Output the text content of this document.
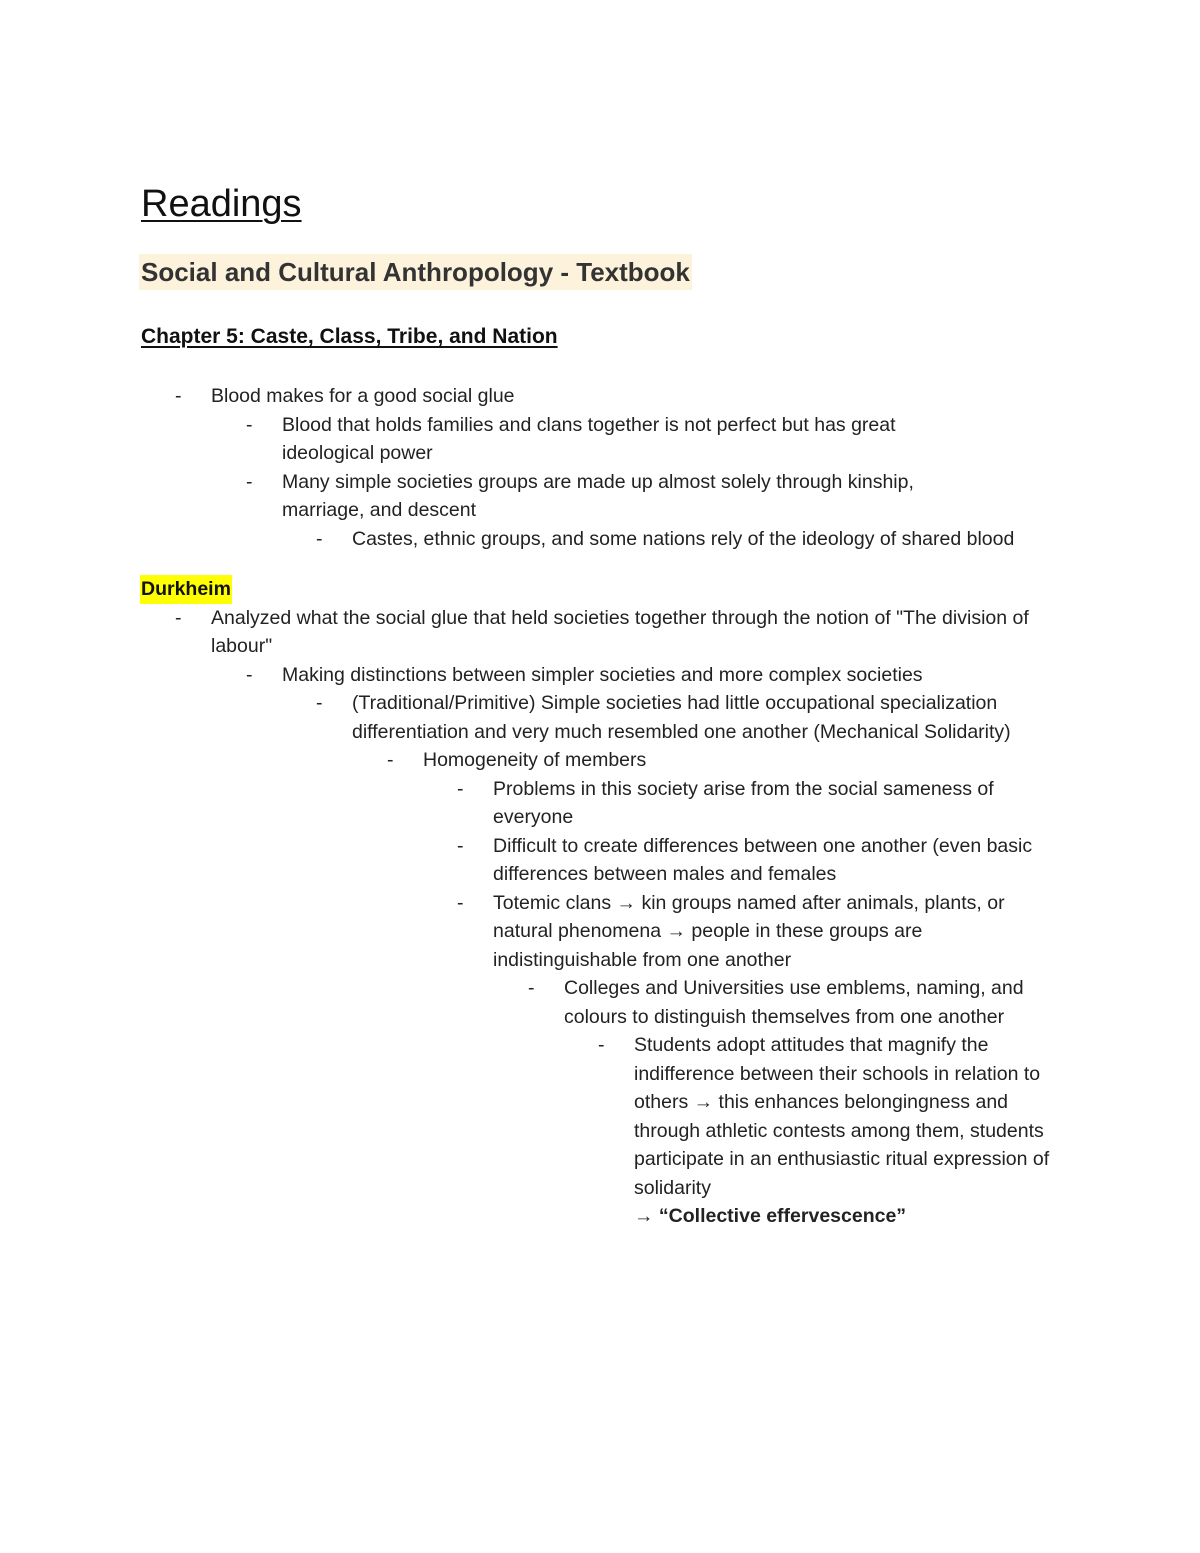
Readings
Social and Cultural Anthropology - Textbook
Chapter 5: Caste, Class, Tribe, and Nation
-	Blood makes for a good social glue
-	Blood that holds families and clans together is not perfect but has great ideological power
-	Many simple societies groups are made up almost solely through kinship, marriage, and descent
-	Castes, ethnic groups, and some nations rely of the ideology of shared blood
Durkheim
-	Analyzed what the social glue that held societies together through the notion of "The division of labour"
-	Making distinctions between simpler societies and more complex societies
-	(Traditional/Primitive) Simple societies had little occupational specialization differentiation and very much resembled one another (Mechanical Solidarity)
-	Homogeneity of members
-	Problems in this society arise from the social sameness of everyone
-	Difficult to create differences between one another (even basic differences between males and females
-	Totemic clans → kin groups named after animals, plants, or natural phenomena → people in these groups are indistinguishable from one another
-	Colleges and Universities use emblems, naming, and colours to distinguish themselves from one another
-	Students adopt attitudes that magnify the indifference between their schools in relation to others → this enhances belongingness and through athletic contests among them, students participate in an enthusiastic ritual expression of solidarity
→ “Collective effervescence”
